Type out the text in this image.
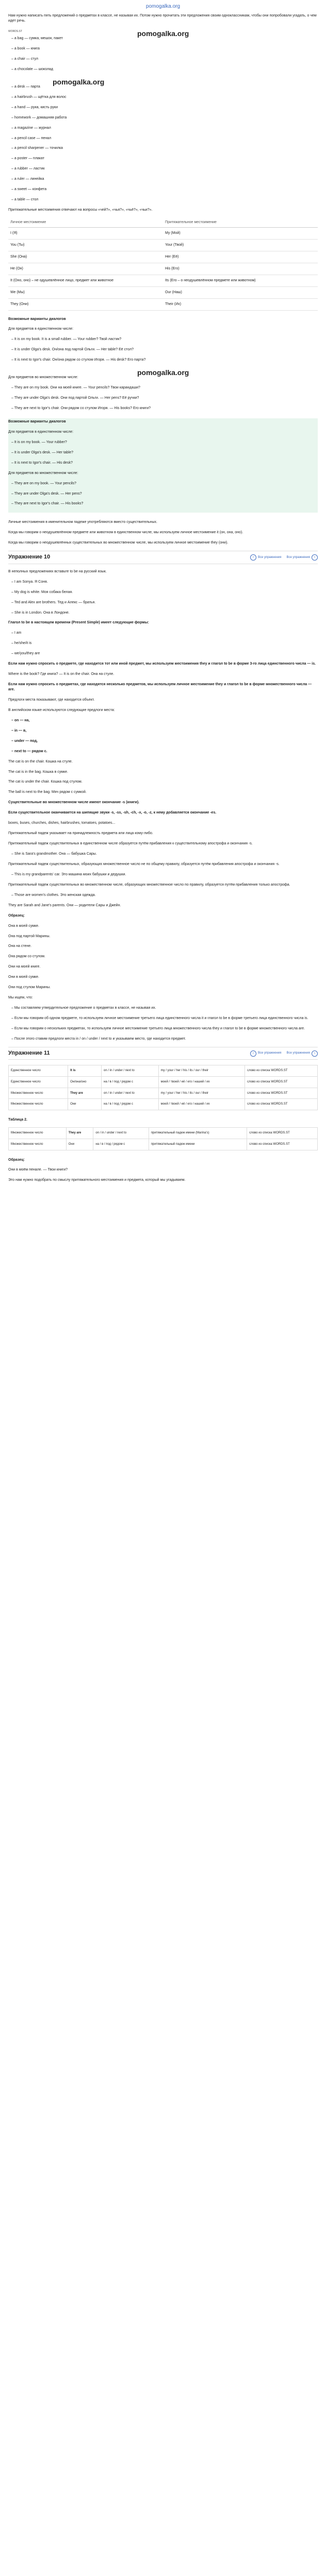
pomogalka.org

Нам нужно написать пять предложений о предметах в классе, не называя их. Потом нужно прочитать эти предложения своим одноклассникам, чтобы они попробовали угадать, о чем идет речь.

WORDS.ST	pomogalka.org
– a bag — сумка, мешок, пакет
– a book — книга
– a chair — стул
– a chocolate — шоколад
pomogalka.org
– a desk — парта
– a hairbrush — щётка для волос
– a hand — рука, кисть руки
– homework — домашняя работа
– a magazine — журнал
– a pencil case — пенал
– a pencil sharpener — точилка
– a poster — плакат
– a rubber — ластик
– a ruler — линейка
– a sweet — конфета
– a table — стол

Притяжательные местоимения отвечают на вопросы «чей?», «чья?», «чьё?», «чьи?».

Личное местоимение	Притяжательное местоимение
I (Я)	My (Мой)
You (Ты)	Your (Твой)
She (Она)	Her (Её)
He (Он)	His (Его)
It (Оно, оно) – не одушевлённое лицо, предмет или животное	Its (Его – о неодушевлённом предмете или животном)
We (Мы)	Our (Наш)
They (Они)	Their (Их)

Возможные варианты диалогов

Для предметов в единственном числе:

– It is on my book. It is a small rubber. — Your rubber? Твой ластик?
– It is under Olga's desk. Он/она под партой Ольги. — Her table? Её стол?
– It is next to Igor's chair. Он/она рядом со стулом Игоря. — His desk? Его парта?
pomogalka.org

Для предметов во множественном числе:

– They are on my book. Они на моей книге. — Your pencils? Твои карандаши?
– They are under Olga's desk. Они под партой Ольги. — Her pens? Её ручки?
– They are next to Igor's chair. Они рядом со стулом Игоря. — His books? Его книги?

Возможные варианты диалогов

Для предметов в единственном числе:

– It is on my book. — Your rubber?
– It is under Olga's desk. — Her table?
– It is next to Igor's chair. — His desk?

Для предметов во множественном числе:

– They are on my book. — Your pencils?
– They are under Olga's desk. — Her pens?
– They are next to Igor's chair. — His books?

Личные местоимения в именительном падеже употребляются вместо существительных.

Когда мы говорим о неодушевлённом предмете или животном в единственном числе, мы используем личное местоимение it (он, она, оно).

Когда мы говорим о неодушевлённых существительных во множественном числе, мы используем личное местоимение they (они).

Упражнение 10	‹	Все упражнения Все упражнения	›

В неполных предложениях вставьте to be на русский язык.

– I am Sonya. Я Соня.
– My dog is white. Моя собака белая.
– Ted and Alex are brothers. Тед и Алекс — братья.
– She is in London. Она в Лондоне.

Глагол to be в настоящем времени (Present Simple) имеет следующие формы:

– I am
– he/she/it is
– we/you/they are

Если нам нужно спросить о предмете, где находится тот или иной предмет, мы используем местоимения they и глагол to be в форме 3-го лица единственного числа — is.

Where is the book? Где книга? — It is on the chair. Она на стуле.

Если нам нужно спросить о предметах, где находятся несколько предметов, мы используем личное местоимение they и глагол to be в форме множественного числа — are.

Предлоги места показывают, где находится объект.

В английском языке используются следующие предлоги места:

– on — на,
– in — в,
– under — под,
– next to — рядом с.

The cat is on the chair. Кошка на стуле.

The cat is in the bag. Кошка в сумке.

The cat is under the chair. Кошка под стулом.

The ball is next to the bag. Мяч рядом с сумкой.

Существительные во множественном числе имеют окончание -s (книги).

Если существительное оканчивается на шипящие звуки -s, -ss, -sh, -ch, -x, -o, -z, к нему добавляется окончание -es.

boxes, buses, churches, dishes, hairbrushes, tomatoes, potatoes...

Притяжательный падеж указывает на принадлежность предмета или лица кому-либо.

Притяжательный падеж существительных в единственном числе образуется путём прибавления к существительному апострофа и окончания -s.

– She is Sara's grandmother. Она — бабушка Сары.

Притяжательный падеж существительных, образующих множественное число не по общему правилу, образуется путём прибавления апострофа и окончания -s.

– This is my grandparents' car. Это машина моих бабушки и дедушки.

Притяжательный падеж существительных во множественном числе, образующих множественное число по правилу, образуется путём прибавления только апострофа.

– Those are women's clothes. Это женская одежда.

They are Sarah and Jane's parents. Они — родители Сары и Джейн.

Образец:

Она в моей сумке.

Она под партой Марины.

Она на стене.

Она рядом со стулом.

Они на моей книге.

Они в моей сумке.

Они под стулом Марины.

Мы ищем, что:

– Мы составляем утвердительное предложение о предметах в классе, не называя их.
– Если мы говорим об одном предмете, то используем личное местоимение третьего лица единственного числа it и глагол to be в форме третьего лица единственного числа is.
– Если мы говорим о нескольких предметах, то используем личное местоимение третьего лица множественного числа they и глагол to be в форме множественного числа are.
– После этого ставим предлоги места in / on / under / next to и указываем место, где находится предмет.
Упражнение 11	‹	Все упражнения Все упражнения	›
Единственное число	It is	on / in / under / next to	my / your / her / his / its / our / their	слово из списка WORDS.ST
Единственное число	Он/она/оно	на / в / под / рядом с	моей / твоей / её / его / нашей / их	слово из списка WORDS.ST
Множественное число	They are	on / in / under / next to	my / your / her / his / its / our / their	слово из списка WORDS.ST
Множественное число	Они	на / в / под / рядом с	моей / твоей / её / его / нашей / их	слово из списка WORDS.ST

Таблица 2.

Множественное число	They are	on / in / under / next to	притяжательный падеж имени (Marina's)	слово из списка WORDS.ST
Множественное число	Они	на / в / под / рядом с	притяжательный падеж имени	слово из списка WORDS.ST

Образец:

Они в моём пенале. — Твои книги?

Это нам нужно подобрать по смыслу притяжательного местоимения и предмета, который мы угадываем.
